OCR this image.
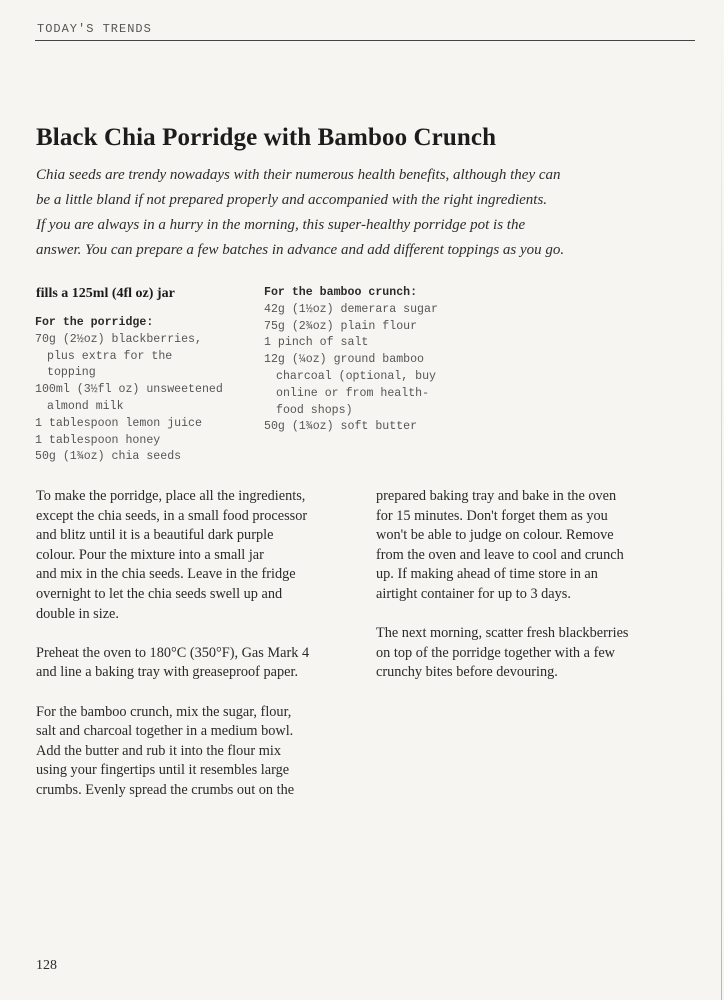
TODAY'S TRENDS
Black Chia Porridge with Bamboo Crunch
Chia seeds are trendy nowadays with their numerous health benefits, although they can
be a little bland if not prepared properly and accompanied with the right ingredients.
If you are always in a hurry in the morning, this super-healthy porridge pot is the
answer. You can prepare a few batches in advance and add different toppings as you go.
fills a 125ml (4fl oz) jar
For the porridge:
70g (2½oz) blackberries,
plus extra for the
topping
100ml (3½fl oz) unsweetened
almond milk
1 tablespoon lemon juice
1 tablespoon honey
50g (1¾oz) chia seeds
For the bamboo crunch:
42g (1½oz) demerara sugar
75g (2¾oz) plain flour
1 pinch of salt
12g (¼oz) ground bamboo
charcoal (optional, buy
online or from health-
food shops)
50g (1¾oz) soft butter

To make the porridge, place all the ingredients,
except the chia seeds, in a small food processor
and blitz until it is a beautiful dark purple
colour. Pour the mixture into a small jar
and mix in the chia seeds. Leave in the fridge
overnight to let the chia seeds swell up and
double in size.

Preheat the oven to 180°C (350°F), Gas Mark 4
and line a baking tray with greaseproof paper.

For the bamboo crunch, mix the sugar, flour,
salt and charcoal together in a medium bowl.
Add the butter and rub it into the flour mix
using your fingertips until it resembles large
crumbs. Evenly spread the crumbs out on the

prepared baking tray and bake in the oven
for 15 minutes. Don't forget them as you
won't be able to judge on colour. Remove
from the oven and leave to cool and crunch
up. If making ahead of time store in an
airtight container for up to 3 days.

The next morning, scatter fresh blackberries
on top of the porridge together with a few
crunchy bites before devouring.

128
